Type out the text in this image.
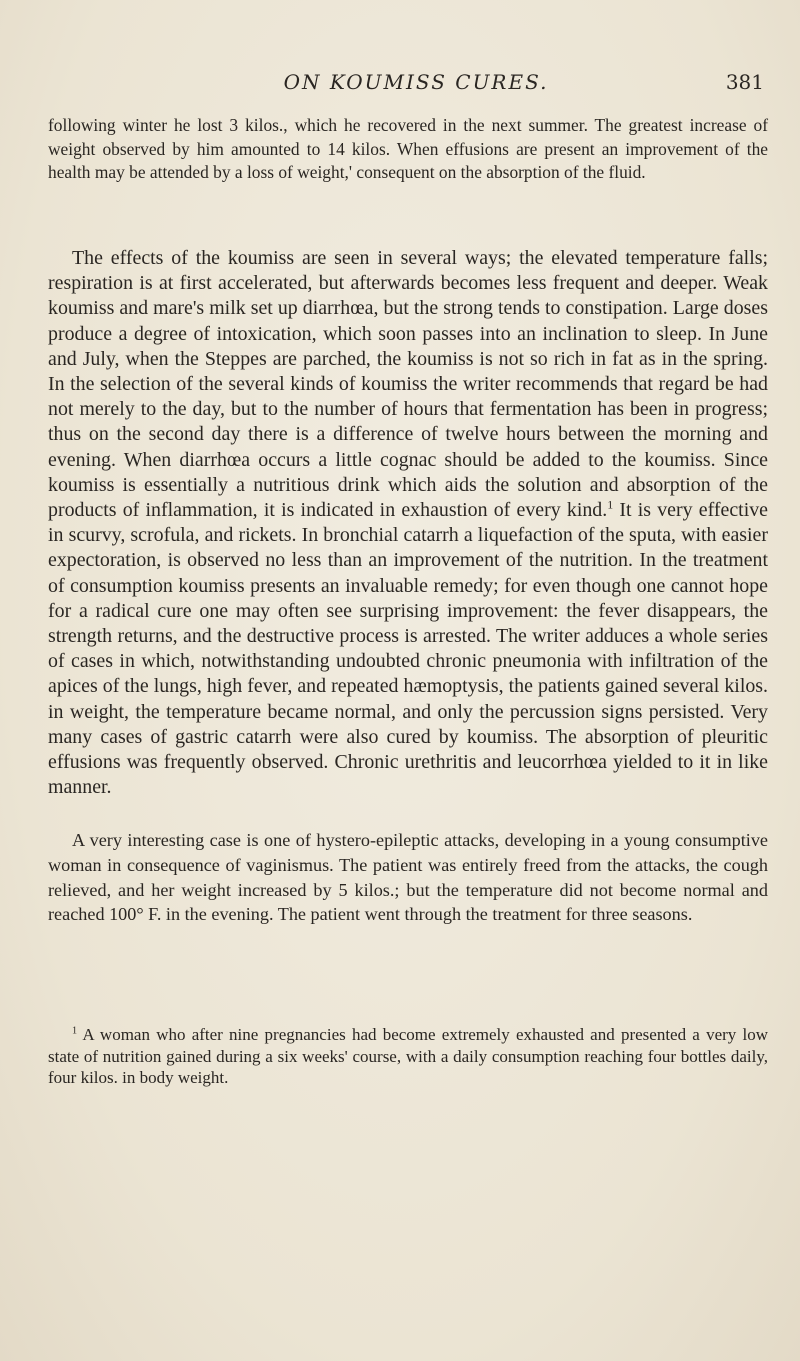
ON KOUMISS CURES.	381

following winter he lost 3 kilos., which he recovered in the next summer. The greatest increase of weight observed by him amounted to 14 kilos. When effusions are present an improvement of the health may be attended by a loss of weight,' consequent on the absorption of the fluid.

The effects of the koumiss are seen in several ways; the elevated temperature falls; respiration is at first accelerated, but afterwards becomes less frequent and deeper. Weak koumiss and mare's milk set up diarrhœa, but the strong tends to constipation. Large doses produce a degree of intoxication, which soon passes into an inclination to sleep. In June and July, when the Steppes are parched, the koumiss is not so rich in fat as in the spring. In the selection of the several kinds of koumiss the writer recommends that regard be had not merely to the day, but to the number of hours that fermentation has been in progress; thus on the second day there is a difference of twelve hours between the morning and evening. When diarrhœa occurs a little cognac should be added to the koumiss. Since koumiss is essentially a nutritious drink which aids the solution and absorption of the products of inflammation, it is indicated in exhaustion of every kind.$^1$ It is very effective in scurvy, scrofula, and rickets. In bronchial catarrh a liquefaction of the sputa, with easier expectoration, is observed no less than an improvement of the nutrition. In the treatment of consumption koumiss presents an invaluable remedy; for even though one cannot hope for a radical cure one may often see surprising improvement: the fever disappears, the strength returns, and the destructive process is arrested. The writer adduces a whole series of cases in which, notwithstanding undoubted chronic pneumonia with infiltration of the apices of the lungs, high fever, and repeated hæmoptysis, the patients gained several kilos. in weight, the temperature became normal, and only the percussion signs persisted. Very many cases of gastric catarrh were also cured by koumiss. The absorption of pleuritic effusions was frequently observed. Chronic urethritis and leucorrhœa yielded to it in like manner.

A very interesting case is one of hystero-epileptic attacks, developing in a young consumptive woman in consequence of vaginismus. The patient was entirely freed from the attacks, the cough relieved, and her weight increased by 5 kilos.; but the temperature did not become normal and reached 100° F. in the evening. The patient went through the treatment for three seasons.

$^1$ A woman who after nine pregnancies had become extremely exhausted and presented a very low state of nutrition gained during a six weeks' course, with a daily consumption reaching four bottles daily, four kilos. in body weight.
